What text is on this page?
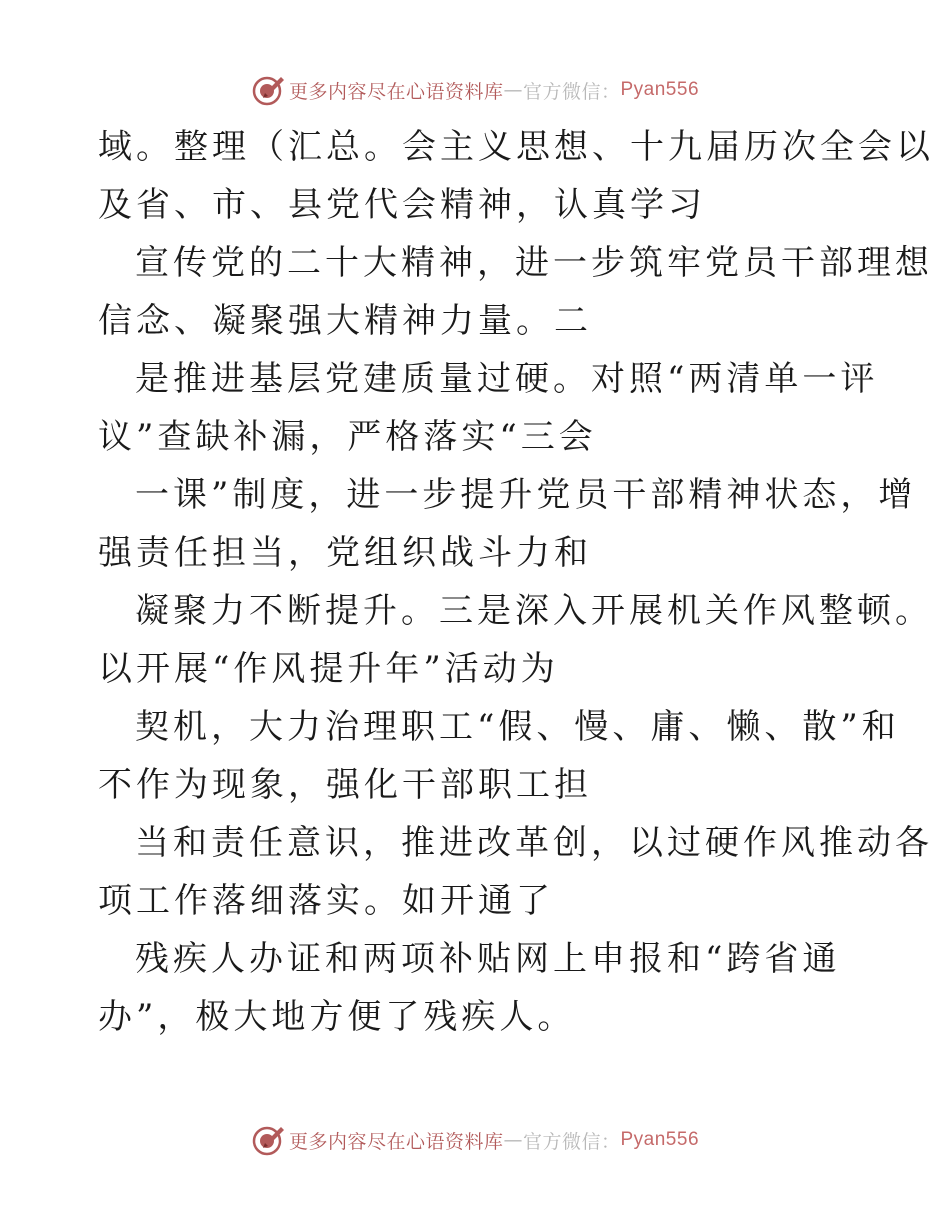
更多内容尽在心语资料库 — 官方微信： Pyan556
域。整理（汇总。会主义思想、十九届历次全会以
及省、市、县党代会精神，认真学习
宣传党的二十大精神，进一步筑牢党员干部理想
信念、凝聚强大精神力量。二
是推进基层党建质量过硬。对照“两清单一评
议”查缺补漏，严格落实“三会
一课”制度，进一步提升党员干部精神状态，增
强责任担当，党组织战斗力和
凝聚力不断提升。三是深入开展机关作风整顿。
以开展“作风提升年”活动为
契机，大力治理职工“假、慢、庸、懒、散”和
不作为现象，强化干部职工担
当和责任意识，推进改革创，以过硬作风推动各
项工作落细落实。如开通了
残疾人办证和两项补贴网上申报和“跨省通
办”，极大地方便了残疾人。
更多内容尽在心语资料库 — 官方微信： Pyan556
